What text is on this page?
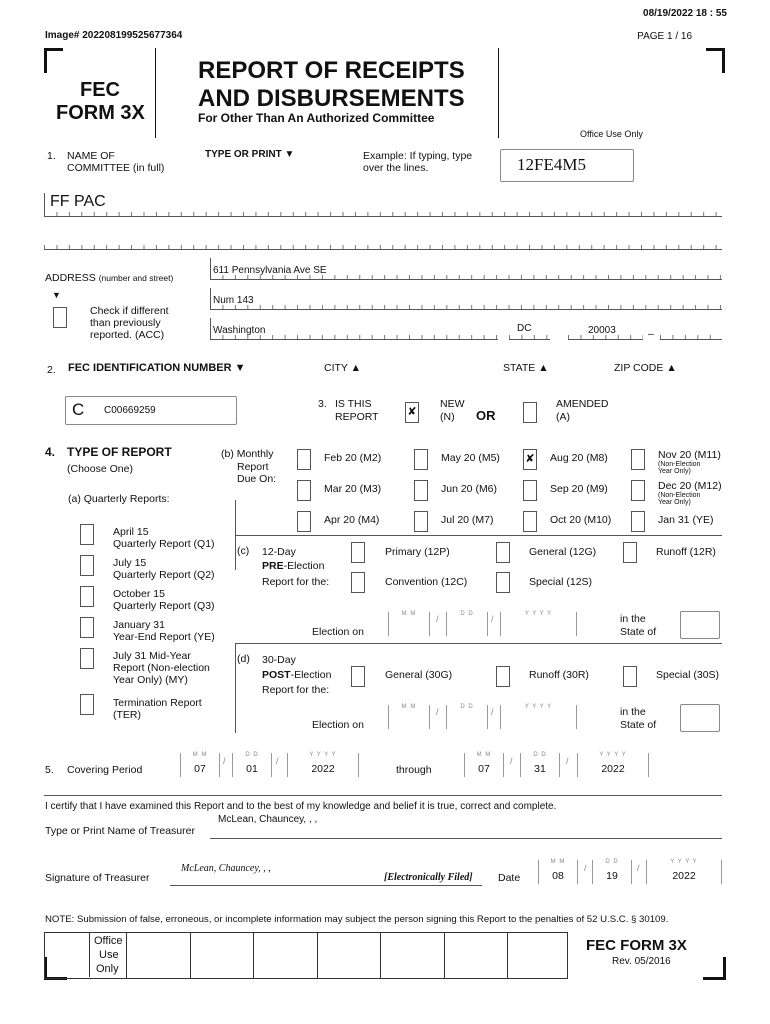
08/19/2022 18 : 55
Image# 202208199525677364	PAGE 1 / 16
FEC
FORM 3X
REPORT OF RECEIPTS
AND DISBURSEMENTS
For Other Than An Authorized Committee
Office Use Only
1. NAME OF
COMMITTEE (in full)
TYPE OR PRINT ▼	Example: If typing, type
over the lines.	12FE4M5
FF PAC
ADDRESS (number and street)
▼
Check if different
than previously
reported. (ACC)
611 Pennsylvania Ave SE
Num 143
Washington	DC	20003	–
CITY ▲	STATE ▲	ZIP CODE ▲
2. FEC IDENTIFICATION NUMBER ▼
C C00669259
3. IS THIS
REPORT	✘
NEW
(N) OR
AMENDED
(A)
4. TYPE OF REPORT
(Choose One)
(a) Quarterly Reports:
(b) Monthly
Report
Due On:
Feb 20 (M2)	May 20 (M5) ✘ Aug 20 (M8)	Nov 20 (M11)
(Non-Election
Year Only)
Mar 20 (M3)	Jun 20 (M6)	Sep 20 (M9)	Dec 20 (M12)
(Non-Election
Year Only)
Apr 20 (M4)	Jul 20 (M7)	Oct 20 (M10)	Jan 31 (YE)
April 15
Quarterly Report (Q1)
July 15
Quarterly Report (Q2)
October 15
Quarterly Report (Q3)
January 31
Year-End Report (YE)
July 31 Mid-Year
Report (Non-election
Year Only) (MY)
Termination Report
(TER)
(c) 12-Day
PRE-Election
Report for the:
Primary (12P)	General (12G)	Runoff (12R)
Convention (12C)	Special (12S)
Election on
M M	/	D D	/	Y Y Y Y	in the
State of
(d) 30-Day
POST-Election
Report for the:
General (30G)	Runoff (30R)	Special (30S)
Election on
M M	/	D D	/	Y Y Y Y	in the
State of
5. Covering Period
M M
07
/
D D
01
/
Y Y Y Y
2022	through
M M
07
/
D D
31
/
Y Y Y Y
2022
I certify that I have examined this Report and to the best of my knowledge and belief it is true, correct and complete.
McLean, Chauncey, , ,
Type or Print Name of Treasurer
Signature of Treasurer
McLean, Chauncey, , ,
[Electronically Filed] Date
M M
08
/
D D
19
/
Y Y Y Y
2022
NOTE: Submission of false, erroneous, or incomplete information may subject the person signing this Report to the penalties of 52 U.S.C. § 30109.
Office
Use
Only
FEC FORM 3X
Rev. 05/2016
